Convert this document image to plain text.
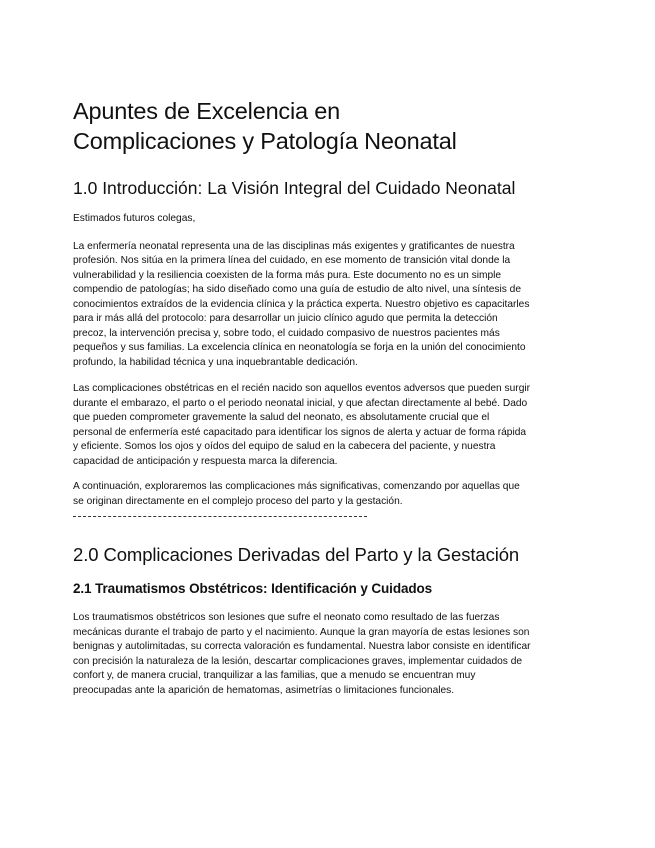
Apuntes de Excelencia en
Complicaciones y Patología Neonatal
1.0 Introducción: La Visión Integral del Cuidado Neonatal

Estimados futuros colegas,

La enfermería neonatal representa una de las disciplinas más exigentes y gratificantes de nuestra profesión. Nos sitúa en la primera línea del cuidado, en ese momento de transición vital donde la vulnerabilidad y la resiliencia coexisten de la forma más pura. Este documento no es un simple compendio de patologías; ha sido diseñado como una guía de estudio de alto nivel, una síntesis de conocimientos extraídos de la evidencia clínica y la práctica experta. Nuestro objetivo es capacitarles para ir más allá del protocolo: para desarrollar un juicio clínico agudo que permita la detección precoz, la intervención precisa y, sobre todo, el cuidado compasivo de nuestros pacientes más pequeños y sus familias. La excelencia clínica en neonatología se forja en la unión del conocimiento profundo, la habilidad técnica y una inquebrantable dedicación.

Las complicaciones obstétricas en el recién nacido son aquellos eventos adversos que pueden surgir durante el embarazo, el parto o el periodo neonatal inicial, y que afectan directamente al bebé. Dado que pueden comprometer gravemente la salud del neonato, es absolutamente crucial que el personal de enfermería esté capacitado para identificar los signos de alerta y actuar de forma rápida y eficiente. Somos los ojos y oídos del equipo de salud en la cabecera del paciente, y nuestra capacidad de anticipación y respuesta marca la diferencia.

A continuación, exploraremos las complicaciones más significativas, comenzando por aquellas que se originan directamente en el complejo proceso del parto y la gestación.

2.0 Complicaciones Derivadas del Parto y la Gestación
2.1 Traumatismos Obstétricos: Identificación y Cuidados

Los traumatismos obstétricos son lesiones que sufre el neonato como resultado de las fuerzas mecánicas durante el trabajo de parto y el nacimiento. Aunque la gran mayoría de estas lesiones son benignas y autolimitadas, su correcta valoración es fundamental. Nuestra labor consiste en identificar con precisión la naturaleza de la lesión, descartar complicaciones graves, implementar cuidados de confort y, de manera crucial, tranquilizar a las familias, que a menudo se encuentran muy preocupadas ante la aparición de hematomas, asimetrías o limitaciones funcionales.
